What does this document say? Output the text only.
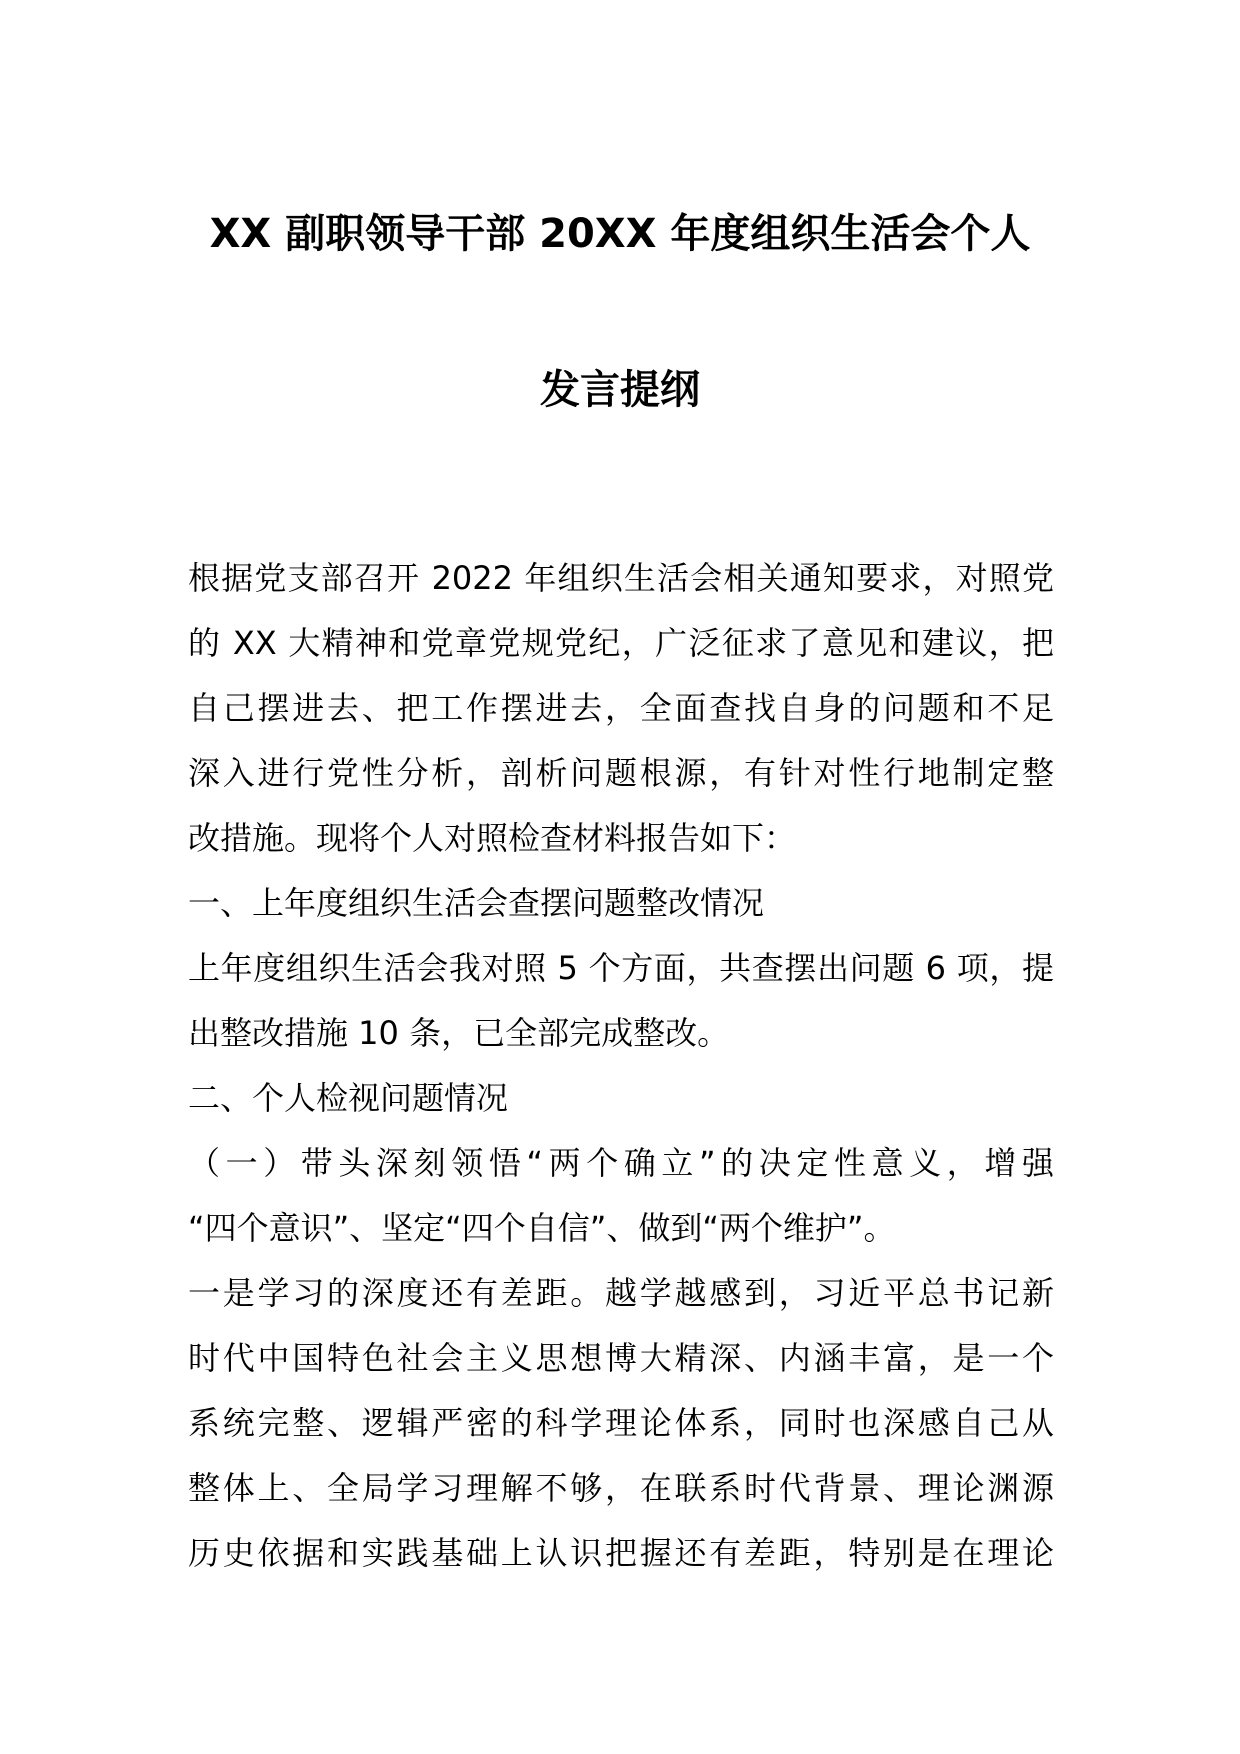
XX 副职领导干部 20XX 年度组织生活会个人
发言提纲
根据党支部召开 2022 年组织生活会相关通知要求，对照党
的 XX 大精神和党章党规党纪，广泛征求了意见和建议，把
自己摆进去、把工作摆进去，全面查找自身的问题和不足
深入进行党性分析，剖析问题根源，有针对性行地制定整
改措施。现将个人对照检查材料报告如下：
一、上年度组织生活会查摆问题整改情况
上年度组织生活会我对照 5 个方面，共查摆出问题 6 项，提
出整改措施 10 条，已全部完成整改。
二、个人检视问题情况
（一）带头深刻领悟“两个确立”的决定性意义，增强
“四个意识”、坚定“四个自信”、做到“两个维护”。
一是学习的深度还有差距。越学越感到，习近平总书记新
时代中国特色社会主义思想博大精深、内涵丰富，是一个
系统完整、逻辑严密的科学理论体系，同时也深感自己从
整体上、全局学习理解不够，在联系时代背景、理论渊源
历史依据和实践基础上认识把握还有差距，特别是在理论
